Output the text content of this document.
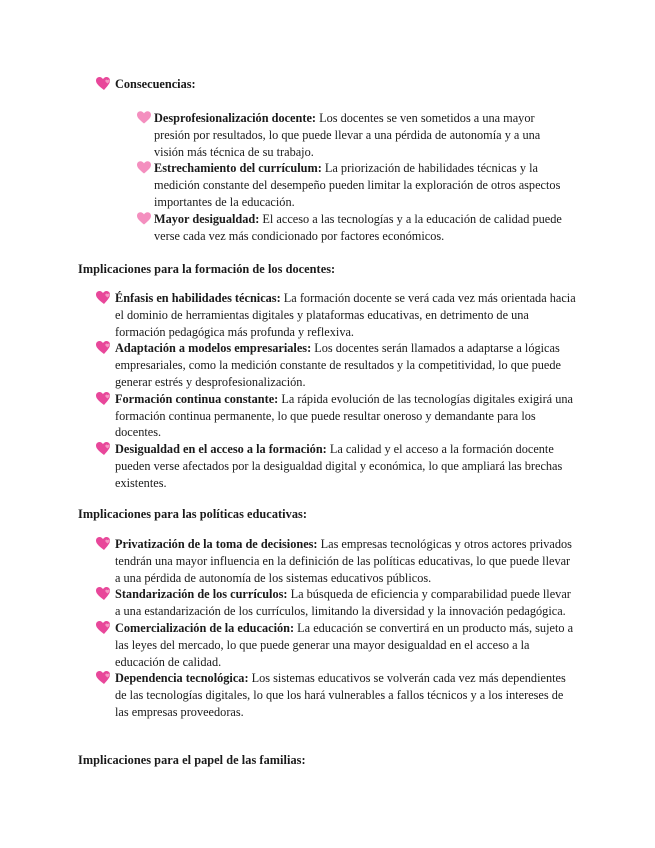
Consecuencias:

Desprofesionalización docente: Los docentes se ven sometidos a una mayor presión por resultados, lo que puede llevar a una pérdida de autonomía y a una visión más técnica de su trabajo.

Estrechamiento del currículum: La priorización de habilidades técnicas y la medición constante del desempeño pueden limitar la exploración de otros aspectos importantes de la educación.

Mayor desigualdad: El acceso a las tecnologías y a la educación de calidad puede verse cada vez más condicionado por factores económicos.

Implicaciones para la formación de los docentes:

Énfasis en habilidades técnicas: La formación docente se verá cada vez más orientada hacia el dominio de herramientas digitales y plataformas educativas, en detrimento de una formación pedagógica más profunda y reflexiva.

Adaptación a modelos empresariales: Los docentes serán llamados a adaptarse a lógicas empresariales, como la medición constante de resultados y la competitividad, lo que puede generar estrés y desprofesionalización.

Formación continua constante: La rápida evolución de las tecnologías digitales exigirá una formación continua permanente, lo que puede resultar oneroso y demandante para los docentes.

Desigualdad en el acceso a la formación: La calidad y el acceso a la formación docente pueden verse afectados por la desigualdad digital y económica, lo que ampliará las brechas existentes.

Implicaciones para las políticas educativas:

Privatización de la toma de decisiones: Las empresas tecnológicas y otros actores privados tendrán una mayor influencia en la definición de las políticas educativas, lo que puede llevar a una pérdida de autonomía de los sistemas educativos públicos.

Standarización de los currículos: La búsqueda de eficiencia y comparabilidad puede llevar a una estandarización de los currículos, limitando la diversidad y la innovación pedagógica.

Comercialización de la educación: La educación se convertirá en un producto más, sujeto a las leyes del mercado, lo que puede generar una mayor desigualdad en el acceso a la educación de calidad.

Dependencia tecnológica: Los sistemas educativos se volverán cada vez más dependientes de las tecnologías digitales, lo que los hará vulnerables a fallos técnicos y a los intereses de las empresas proveedoras.

Implicaciones para el papel de las familias:
